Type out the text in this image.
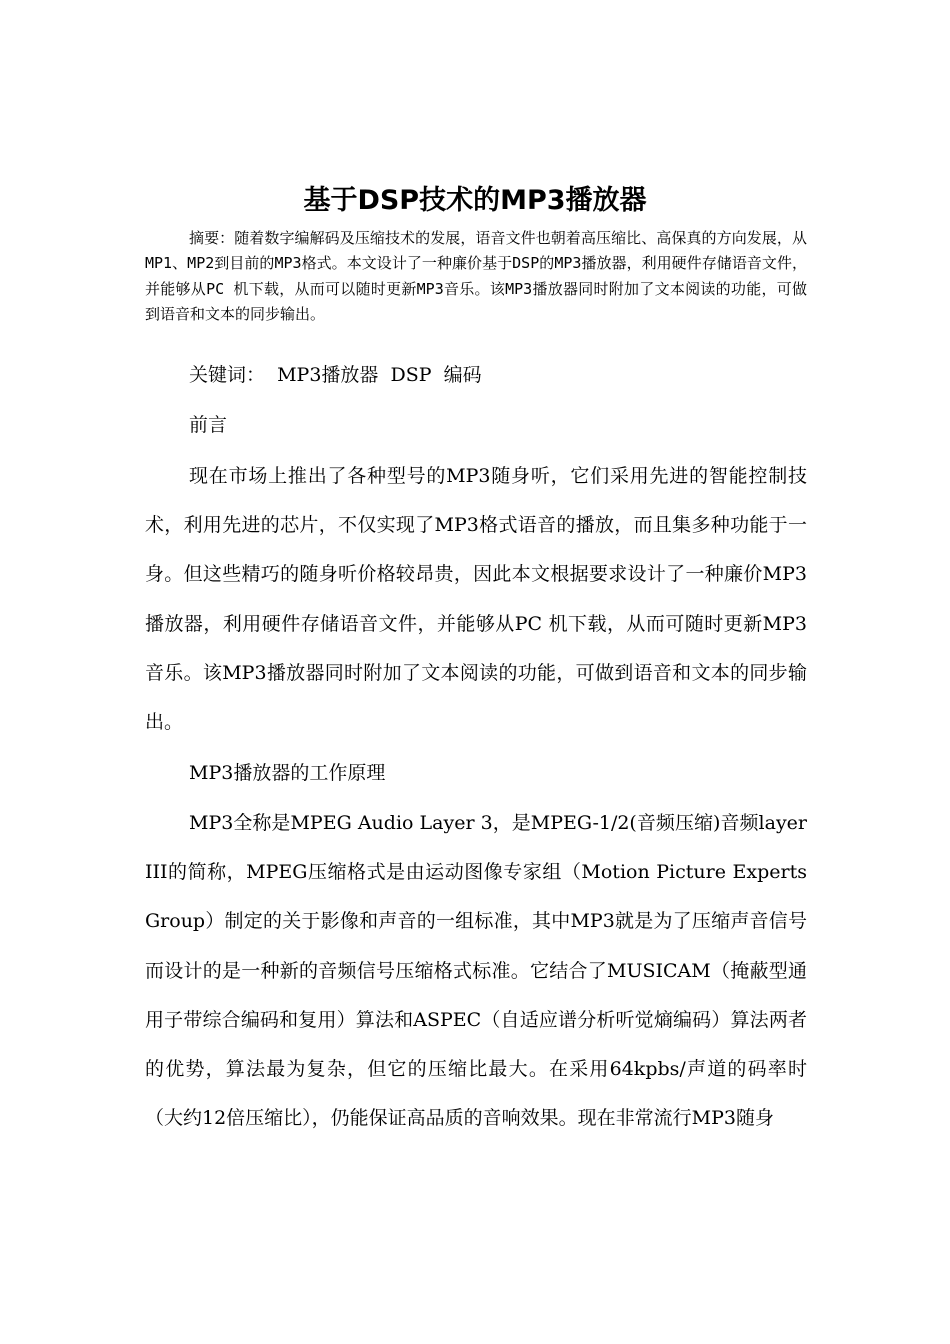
基于DSP技术的MP3播放器

摘要：随着数字编解码及压缩技术的发展，语音文件也朝着高压缩比、高保真的方向发展，从MP1、MP2到目前的MP3格式。本文设计了一种廉价基于DSP的MP3播放器，利用硬件存储语音文件，并能够从PC 机下载，从而可以随时更新MP3音乐。该MP3播放器同时附加了文本阅读的功能，可做到语音和文本的同步输出。

关键词：  MP3播放器  DSP  编码

前言

现在市场上推出了各种型号的MP3随身听，它们采用先进的智能控制技术，利用先进的芯片，不仅实现了MP3格式语音的播放，而且集多种功能于一身。但这些精巧的随身听价格较昂贵，因此本文根据要求设计了一种廉价MP3播放器，利用硬件存储语音文件，并能够从PC 机下载，从而可随时更新MP3音乐。该MP3播放器同时附加了文本阅读的功能，可做到语音和文本的同步输出。

MP3播放器的工作原理

MP3全称是MPEG Audio Layer 3，是MPEG-1/2(音频压缩)音频layer III的简称，MPEG压缩格式是由运动图像专家组（Motion Picture Experts Group）制定的关于影像和声音的一组标准，其中MP3就是为了压缩声音信号而设计的是一种新的音频信号压缩格式标准。它结合了MUSICAM（掩蔽型通用子带综合编码和复用）算法和ASPEC（自适应谱分析听觉熵编码）算法两者的优势，算法最为复杂，但它的压缩比最大。在采用64kpbs/声道的码率时（大约12倍压缩比），仍能保证高品质的音响效果。现在非常流行MP3随身
